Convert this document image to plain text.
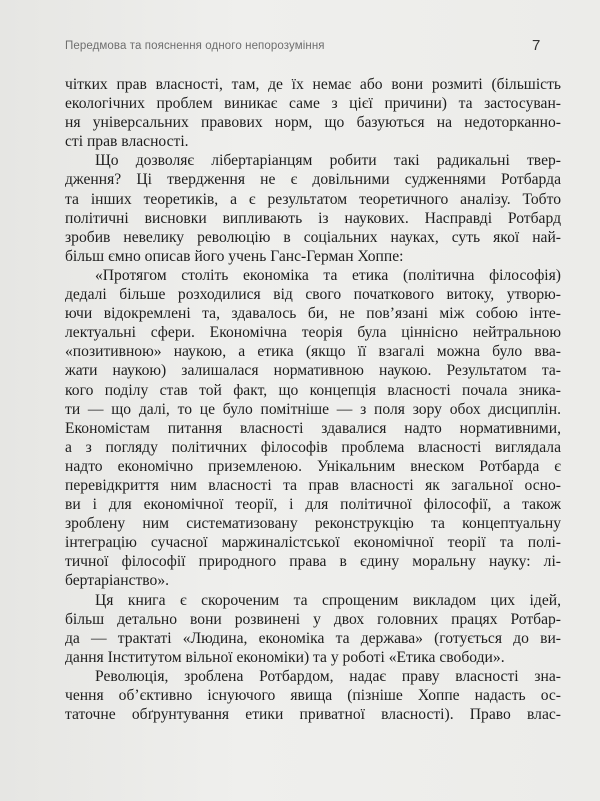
Передмова та пояснення одного непорозуміння	7
чітких прав власності, там, де їх немає або вони розмиті (більшість
екологічних проблем виникає саме з цієї причини) та застосуван-
ня універсальних правових норм, що базуються на недоторканно-
сті прав власності.
Що дозволяє лібертаріанцям робити такі радикальні твер-
дження? Ці твердження не є довільними судженнями Ротбарда
та інших теоретиків, а є результатом теоретичного аналізу. Тобто
політичні висновки випливають із наукових. Насправді Ротбард
зробив невелику революцію в соціальних науках, суть якої най-
більш ємно описав його учень Ганс-Герман Хоппе:
«Протягом століть економіка та етика (політична філософія)
дедалі більше розходилися від свого початкового витоку, утворю-
ючи відокремлені та, здавалось би, не пов’язані між собою інте-
лектуальні сфери. Економічна теорія була ціннісно нейтральною
«позитивною» наукою, а етика (якщо її взагалі можна було вва-
жати наукою) залишалася нормативною наукою. Результатом та-
кого поділу став той факт, що концепція власності почала зника-
ти — що далі, то це було помітніше — з поля зору обох дисциплін.
Економістам питання власності здавалися надто нормативними,
а з погляду політичних філософів проблема власності виглядала
надто економічно приземленою. Унікальним внеском Ротбарда є
перевідкриття ним власності та прав власності як загальної осно-
ви і для економічної теорії, і для політичної філософії, а також
зроблену ним систематизовану реконструкцію та концептуальну
інтеграцію сучасної маржиналістської економічної теорії та полі-
тичної філософії природного права в єдину моральну науку: лі-
бертаріанство».
Ця книга є скороченим та спрощеним викладом цих ідей,
більш детально вони розвинені у двох головних працях Ротбар-
да — трактаті «Людина, економіка та держава» (готується до ви-
дання Інститутом вільної економіки) та у роботі «Етика свободи».
Революція, зроблена Ротбардом, надає праву власності зна-
чення об’єктивно існуючого явища (пізніше Хоппе надасть ос-
таточне обґрунтування етики приватної власності). Право влас-
